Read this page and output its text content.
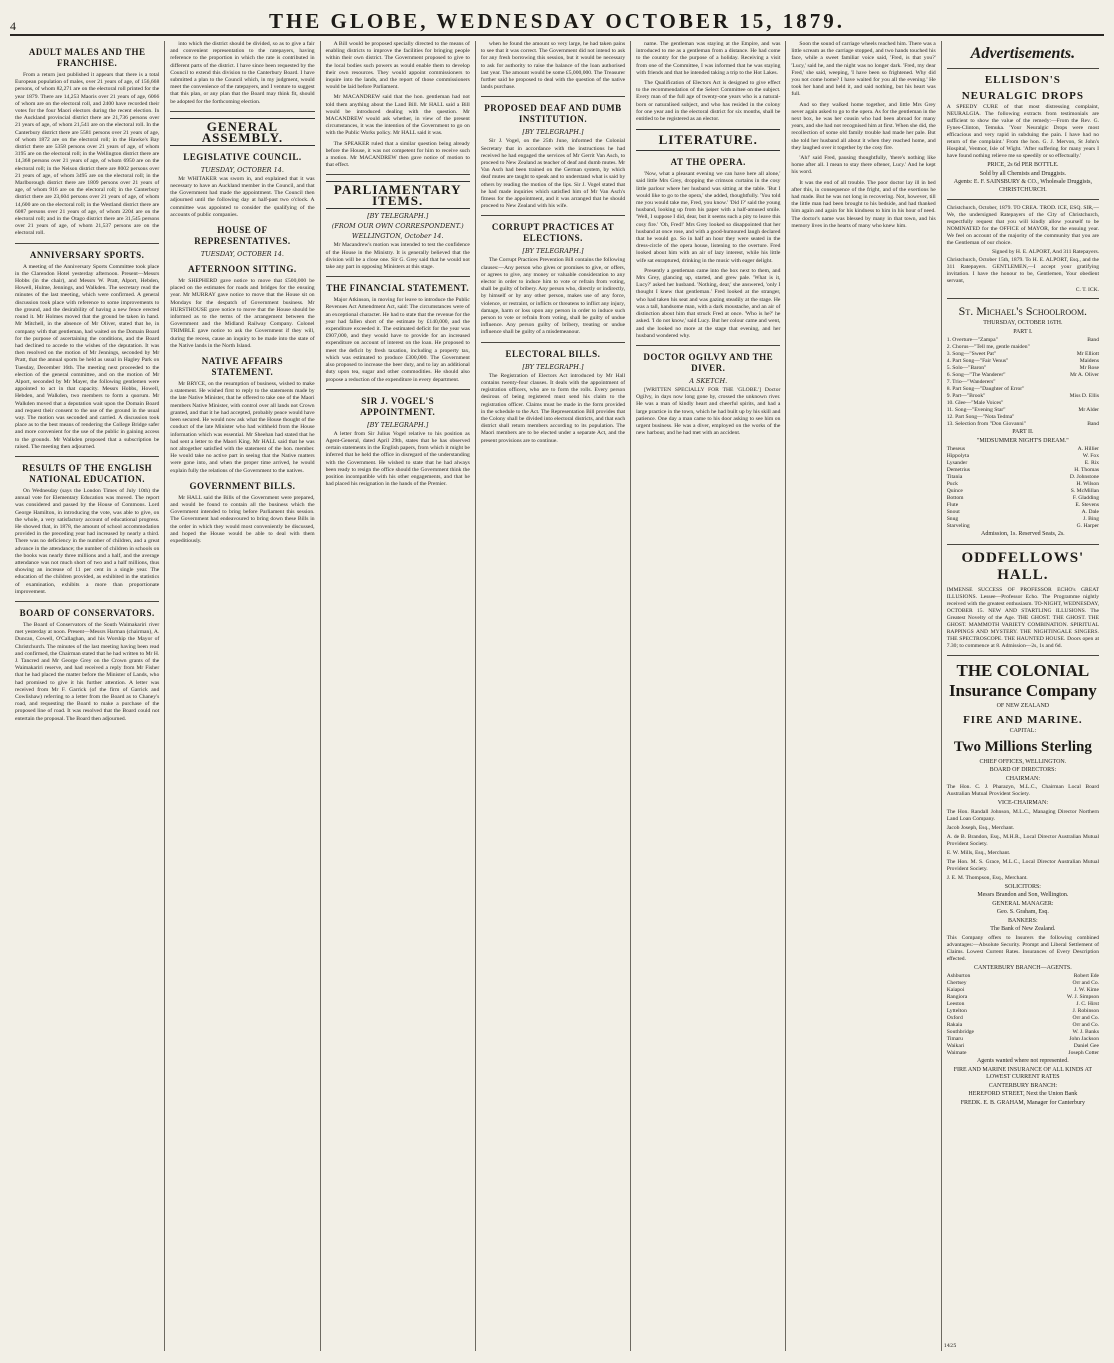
4	THE GLOBE, WEDNESDAY OCTOBER 15, 1879.
ADULT MALES AND THE FRANCHISE.

From a return just published it appears that there is a total European population of males, over 21 years of age, of 156,668 persons, of whom 82,271 are on the electoral roll printed for the year 1879. There are 14,253 Maoris over 21 years of age, 6066 of whom are on the electoral roll, and 2400 have recorded their votes for the four Maori electors during the recent election. In the Auckland provincial district there are 21,736 persons over 21 years of age, of whom 21,541 are on the electoral roll. In the Canterbury district there are 5581 persons over 21 years of age, of whom 1872 are on the electoral roll; in the Hawke's Bay district there are 5358 persons over 21 years of age, of whom 3195 are on the electoral roll; in the Wellington district there are 14,368 persons over 21 years of age, of whom 6950 are on the electoral roll; in the Nelson district there are 8002 persons over 21 years of age, of whom 3495 are on the electoral roll; in the Marlborough district there are 1809 persons over 21 years of age, of whom 916 are on the electoral roll; in the Canterbury district there are 23,604 persons over 21 years of age, of whom 14,600 are on the electoral roll; in the Westland district there are 6087 persons over 21 years of age, of whom 2204 are on the electoral roll; and in the Otago district there are 31,545 persons over 21 years of age, of whom 21,537 persons are on the electoral roll.

ANNIVERSARY SPORTS.

A meeting of the Anniversary Sports Committee took place in the Clarendon Hotel yesterday afternoon. Present—Messrs Hobbs (in the chair), and Messrs W. Pratt, Alport, Hebden, Howell, Hulme, Jennings, and Walkden. The secretary read the minutes of the last meeting, which were confirmed. A general discussion took place with reference to some improvements to the ground, and the desirability of having a new fence erected round it. Mr Holmes moved that the ground be taken in hand. Mr Mitchell, in the absence of Mr Oliver, stated that he, in company with that gentleman, had waited on the Domain Board for the purpose of ascertaining the conditions, and the Board had declined to accede to the wishes of the deputation. It was then resolved on the motion of Mr Jennings, seconded by Mr Pratt, that the annual sports be held as usual in Hagley Park on Tuesday, December 16th. The meeting next proceeded to the election of the general committee, and on the motion of Mr Alport, seconded by Mr Mayer, the following gentlemen were appointed to act in that capacity. Messrs Hobbs, Howell, Hebden, and Walkden, two members to form a quorum. Mr Walkden moved that a deputation wait upon the Domain Board and request their consent to the use of the ground in the usual way. The motion was seconded and carried. A discussion took place as to the best means of rendering the College Bridge safer and more convenient for the use of the public in gaining access to the grounds. Mr Walkden proposed that a subscription be raised. The meeting then adjourned.

RESULTS OF THE ENGLISH NATIONAL EDUCATION.

On Wednesday (says the London Times of July 10th) the annual vote for Elementary Education was moved. The report was considered and passed by the House of Commons. Lord George Hamilton, in introducing the vote, was able to give, on the whole, a very satisfactory account of educational progress. He showed that, in 1878, the amount of school accommodation provided in the preceding year had increased by nearly a third. There was no deficiency in the number of children, and a great advance in the attendance; the number of children in schools on the books was nearly three millions and a half, and the average attendance was not much short of two and a half millions, thus showing an increase of 11 per cent in a single year. The education of the children provided, as exhibited in the statistics of examination, exhibits a more than proportionate improvement.

BOARD OF CONSERVATORS.

The Board of Conservators of the South Waimakariri river met yesterday at noon. Present—Messrs Harman (chairman), A. Duncan, Cowell, O'Callaghan, and his Worship the Mayor of Christchurch. The minutes of the last meeting having been read and confirmed, the Chairman stated that he had written to Mr H. J. Tancred and Mr George Grey on the Crown grants of the Waimakariri reserve, and had received a reply from Mr Fisher that he had placed the matter before the Minister of Lands, who had promised to give it his further attention. A letter was received from Mr F. Garrick (of the firm of Garrick and Cowlishaw) referring to a letter from the Board as to Chaney's road, and requesting the Board to make a purchase of the proposed line of road. It was resolved that the Board could not entertain the proposal. The Board then adjourned.

into which the district should be divided, so as to give a fair and convenient representation to the ratepayers, having reference to the proportion in which the rate is contributed in different parts of the district. I have since been requested by the Council to extend this division to the Canterbury Board. I have submitted a plan to the Council which, in my judgment, would meet the convenience of the ratepayers, and I venture to suggest that this plan, or any plan that the Board may think fit, should be adopted for the forthcoming election.

GENERAL ASSEMBLY.
LEGISLATIVE COUNCIL.
TUESDAY, OCTOBER 14.

Mr WHITAKER was sworn in, and explained that it was necessary to have an Auckland member in the Council, and that the Government had made the appointment. The Council then adjourned until the following day at half-past two o'clock. A committee was appointed to consider the qualifying of the accounts of public companies.

HOUSE OF REPRESENTATIVES.
TUESDAY, OCTOBER 14.
AFTERNOON SITTING.

Mr SHEPHERD gave notice to move that £500,000 be placed on the estimates for roads and bridges for the ensuing year. Mr MURRAY gave notice to move that the House sit on Mondays for the despatch of Government business. Mr HURSTHOUSE gave notice to move that the House should be informed as to the terms of the arrangement between the Government and the Midland Railway Company. Colonel TRIMBLE gave notice to ask the Government if they will, during the recess, cause an inquiry to be made into the state of the Native lands in the North Island.

NATIVE AFFAIRS STATEMENT.

Mr BRYCE, on the resumption of business, wished to make a statement. He wished first to reply to the statements made by the late Native Minister, that he offered to take one of the Maori members Native Minister, with control over all lands not Crown granted, and that it he had accepted, probably peace would have been secured. He would now ask what the House thought of the conduct of the late Minister who had withheld from the House information which was essential. Mr Sheehan had stated that he had sent a letter to the Maori King. Mr HALL said that he was not altogether satisfied with the statement of the hon. member. He would take no active part in seeing that the Native matters were gone into, and when the proper time arrived, he would explain fully the relations of the Government to the natives.

GOVERNMENT BILLS.

Mr HALL said the Bills of the Government were prepared, and would be found to contain all the business which the Government intended to bring before Parliament this session. The Government had endeavoured to bring down these Bills in the order in which they would most conveniently be discussed, and hoped the House would be able to deal with them expeditiously.

A Bill would be proposed specially directed to the means of enabling districts to improve the facilities for bringing people within their own district. The Government proposed to give to the local bodies such powers as would enable them to develop their own resources. They would appoint commissioners to inquire into the lands, and the report of those commissioners would be laid before Parliament.

Mr MACANDREW said that the hon. gentleman had not told them anything about the Land Bill. Mr HALL said a Bill would be introduced dealing with the question. Mr MACANDREW would ask whether, in view of the present circumstances, it was the intention of the Government to go on with the Public Works policy. Mr HALL said it was.

The SPEAKER ruled that a similar question being already before the House, it was not competent for him to receive such a motion. Mr MACANDREW then gave notice of motion to that effect.

PARLIAMENTARY ITEMS.
[BY TELEGRAPH.]
(FROM OUR OWN CORRESPONDENT.)
WELLINGTON, October 14.

Mr Macandrew's motion was intended to test the confidence of the House in the Ministry. It is generally believed that the division will be a close one. Sir G. Grey said that he would not take any part in opposing Ministers at this stage.

THE FINANCIAL STATEMENT.

Major Atkinson, in moving for leave to introduce the Public Revenues Act Amendment Act, said: The circumstances were of an exceptional character. He had to state that the revenue for the year had fallen short of the estimate by £140,000, and the expenditure exceeded it. The estimated deficit for the year was £907,000, and they would have to provide for an increased expenditure on account of interest on the loan. He proposed to meet the deficit by fresh taxation, including a property tax, which was estimated to produce £300,000. The Government also proposed to increase the beer duty, and to lay an additional duty upon tea, sugar and other commodities. He should also propose a reduction of the expenditure in every department.

SIR J. VOGEL'S APPOINTMENT.
[BY TELEGRAPH.]

A letter from Sir Julius Vogel relative to his position as Agent-General, dated April 29th, states that he has observed certain statements in the English papers, from which it might be inferred that he held the office in disregard of the understanding with the Government. He wished to state that he had always been ready to resign the office should the Government think the position incompatible with his other engagements, and that he had placed his resignation in the hands of the Premier.

when he found the amount so very large, he had taken pains to see that it was correct. The Government did not intend to ask for any fresh borrowing this session, but it would be necessary to ask for authority to raise the balance of the loan authorised last year. The amount would be some £5,000,000. The Treasurer further said he proposed to deal with the question of the native lands purchase.

PROPOSED DEAF AND DUMB INSTITUTION.
[BY TELEGRAPH.]

Sir J. Vogel, on the 25th June, informed the Colonial Secretary that in accordance with the instructions he had received he had engaged the services of Mr Gerrit Van Asch, to proceed to New Zealand as teacher of deaf and dumb mutes. Mr Van Asch had been trained on the German system, by which deaf mutes are taught to speak and to understand what is said by others by reading the motion of the lips. Sir J. Vogel stated that he had made inquiries which satisfied him of Mr Van Asch's fitness for the appointment, and it was arranged that he should proceed to New Zealand with his wife.

CORRUPT PRACTICES AT ELECTIONS.
[BY TELEGRAPH.]

The Corrupt Practices Prevention Bill contains the following clauses:—Any person who gives or promises to give, or offers, or agrees to give, any money or valuable consideration to any elector in order to induce him to vote or refrain from voting, shall be guilty of bribery. Any person who, directly or indirectly, by himself or by any other person, makes use of any force, violence, or restraint, or inflicts or threatens to inflict any injury, damage, harm or loss upon any person in order to induce such person to vote or refrain from voting, shall be guilty of undue influence. Any person guilty of bribery, treating or undue influence shall be guilty of a misdemeanour.

ELECTORAL BILLS.
[BY TELEGRAPH.]

The Registration of Electors Act introduced by Mr Hall contains twenty-four clauses. It deals with the appointment of registration officers, who are to form the rolls. Every person desirous of being registered must send his claim to the registration officer. Claims must be made in the form provided in the schedule to the Act. The Representation Bill provides that the Colony shall be divided into electoral districts, and that each district shall return members according to its population. The Maori members are to be elected under a separate Act, and the present provisions are to continue.

name. The gentleman was staying at the Empire, and was introduced to me as a gentleman from a distance. He had come to the country for the purpose of a holiday. Receiving a visit from one of the Committee, I was informed that he was staying with friends and that he intended taking a trip to the Hot Lakes.

The Qualification of Electors Act is designed to give effect to the recommendation of the Select Committee on the subject. Every man of the full age of twenty-one years who is a natural-born or naturalised subject, and who has resided in the colony for one year and in the electoral district for six months, shall be entitled to be registered as an elector.

LITERATURE.
AT THE OPERA.

'Now, what a pleasant evening we can have here all alone,' said little Mrs Grey, dropping the crimson curtains in the cosy little parlour where her husband was sitting at the table. 'But I would like to go to the opera,' she added, thoughtfully. 'You told me you would take me, Fred, you know.' 'Did I?' said the young husband, looking up from his paper with a half-amused smile. 'Well, I suppose I did, dear, but it seems such a pity to leave this cosy fire.' 'Oh, Fred!' Mrs Grey looked so disappointed that her husband at once rose, and with a good-humoured laugh declared that he would go. So in half an hour they were seated in the dress-circle of the opera house, listening to the overture. Fred looked about him with an air of lazy interest, while his little wife sat enraptured, drinking in the music with eager delight.

Presently a gentleman came into the box next to them, and Mrs Grey, glancing up, started, and grew pale. 'What is it, Lucy?' asked her husband. 'Nothing, dear,' she answered, 'only I thought I knew that gentleman.' Fred looked at the stranger, who had taken his seat and was gazing steadily at the stage. He was a tall, handsome man, with a dark moustache, and an air of distinction about him that struck Fred at once. 'Who is he?' he asked. 'I do not know,' said Lucy. But her colour came and went, and she looked no more at the stage that evening, and her husband wondered why.

DOCTOR OGILVY AND THE DIVER.
A SKETCH.

[WRITTEN SPECIALLY FOR THE 'GLOBE.'] Doctor Ogilvy, in days now long gone by, crossed the unknown river. He was a man of kindly heart and cheerful spirits, and had a large practice in the town, which he had built up by his skill and patience. One day a man came to his door asking to see him on urgent business. He was a diver, employed on the works of the new harbour, and he had met with an accident.

Soon the sound of carriage wheels reached him. There was a little scream as the carriage stopped, and two hands touched his face, while a sweet familiar voice said, 'Fred, is that you?' 'Lucy,' said he, and the night was no longer dark. 'Fred, my dear Fred,' she said, weeping, 'I have been so frightened. Why did you not come home? I have waited for you all the evening.' He took her hand and held it, and said nothing, but his heart was full.

And so they walked home together, and little Mrs Grey never again asked to go to the opera. As for the gentleman in the next box, he was her cousin who had been abroad for many years, and she had not recognised him at first. When she did, the recollection of some old family trouble had made her pale. But she told her husband all about it when they reached home, and they laughed over it together by the cosy fire.

'Ah!' said Fred, pausing thoughtfully, 'there's nothing like home after all. I mean to stay there oftener, Lucy.' And he kept his word.

It was the end of all trouble. The poor doctor lay ill in bed after this, in consequence of the fright, and of the exertions he had made. But he was not long in recovering. Not, however, till the little man had been brought to his bedside, and had thanked him again and again for his kindness to him in his hour of need. The doctor's name was blessed by many in that town, and his memory lives in the hearts of many who knew him.

Advertisements.
ELLISDON'S
NEURALGIC DROPS

A SPEEDY CURE of that most distressing complaint, NEURALGIA. The following extracts from testimonials are sufficient to show the value of the remedy:—From the Rev. G. Fynes-Clinton, Temuka. 'Your Neuralgic Drops were most efficacious and very rapid in subduing the pain. I have had no return of the complaint.' From the hon. G. J. Mervon, St John's Hospital, Ventnor, Isle of Wight. 'After suffering for many years I have found nothing relieve me so speedily or so effectually.'

PRICE, 2s 6d PER BOTTLE.
Sold by all Chemists and Druggists.
Agents: E. F. SAINSBURY & CO., Wholesale Druggists, CHRISTCHURCH.

Christchurch, October, 1879. TO CREA. TROD. ICE, ESQ. SIR,—We, the undersigned Ratepayers of the City of Christchurch, respectfully request that you will kindly allow yourself to be NOMINATED for the OFFICE of MAYOR, for the ensuing year. We feel on account of the majority of the community that you are the Gentleman of our choice.

Signed by H. E. ALPORT, And 311 Ratepayers.

Christchurch, October 15th, 1879. To H. E. ALPORT, Esq., and the 311 Ratepayers. GENTLEMEN,—I accept your gratifying invitation. I have the honour to be, Gentlemen, Your obedient servant,

C. T. ICK.
St. Michael's Schoolroom.
THURSDAY, OCTOBER 16TH.
PART I.
1. Overture—"Zampa"	Band
2. Chorus—"Tell me, gentle maiden"
3. Song—"Sweet Pat"	Mr Elliott
4. Part Song—"Fair Venus"	Maidens
5. Solo—"Baron"	Mr Rose
6. Song—"The Wanderer"	Mr A. Oliver
7. Trio—"Wanderers"
8. Part Song—"Daughter of Error"
9. Part—"Brook"	Miss D. Ellis
10. Glee—"Male Voices"
11. Song—"Evening Star"	Mr Alder
12. Part Song—"Nota Tedma"
13. Selection from "Don Giovanni"	Band
PART II.
"MIDSUMMER NIGHT'S DREAM."
Theseus	A. Hillier
Hippolyta	W. Fox
Lysander	E. Rix
Demetrius	H. Thomas
Titania	D. Johnstone
Puck	H. Wilson
Quince	S. McMillan
Bottom	F. Gladding
Flute	E. Stevens
Snout	A. Dale
Snug	J. Bing
Starveling	G. Harper
Admission, 1s. Reserved Seats, 2s.
ODDFELLOWS' HALL.

IMMENSE SUCCESS OF PROFESSOR ECHO's GREAT ILLUSIONS. Lessee—Professor Echo. The Programme nightly received with the greatest enthusiasm. TO-NIGHT, WEDNESDAY, OCTOBER 15. NEW AND STARTLING ILLUSIONS. The Greatest Novelty of the Age. THE GHOST. THE GHOST. THE GHOST. MAMMOTH VARIETY COMBINATION. SPIRITUAL RAPPINGS AND MYSTERY. THE NIGHTINGALE SINGERS. THE SPECTROSCOPE. THE HAUNTED HOUSE. Doors open at 7.30; to commence at 8. Admission—2s, 1s and 6d.

THE COLONIAL Insurance Company
OF NEW ZEALAND
FIRE AND MARINE.
CAPITAL:
Two Millions Sterling
CHIEF OFFICES, WELLINGTON.
BOARD OF DIRECTORS:
CHAIRMAN:

The Hon. C. J. Pharazyn, M.L.C., Chairman Local Board Australian Mutual Provident Society.

VICE-CHAIRMAN:

The Hon. Randall Johnson, M.L.C., Managing Director Northern Land Loan Company.

Jacob Joseph, Esq., Merchant.

A. de B. Brandon, Esq., M.H.R., Local Director Australian Mutual Provident Society.

E. W. Mills, Esq., Merchant.

The Hon. M. S. Grace, M.L.C., Local Director Australian Mutual Provident Society.

J. E. M. Thompson, Esq., Merchant.

SOLICITORS:
Messrs Brandon and Son, Wellington.
GENERAL MANAGER:
Geo. S. Graham, Esq.
BANKERS:
The Bank of New Zealand.

This Company offers to Insurers the following combined advantages:—Absolute Security. Prompt and Liberal Settlement of Claims. Lowest Current Rates. Insurances of Every Description effected.

CANTERBURY BRANCH—AGENTS.
Ashburton	Robert Ede
Chertsey	Orr and Co.
Kaiapoi	J. W. Kime
Rangiora	W. J. Simpson
Leeston	J. C. Hirst
Lyttelton	J. Robinson
Oxford	Orr and Co.
Rakaia	Orr and Co.
Southbridge	W. J. Banks
Timaru	John Jackson
Waikari	Daniel Gee
Waimate	Joseph Cotter
Agents wanted where not represented.
FIRE AND MARINE INSURANCE OF ALL KINDS AT LOWEST CURRENT RATES
CANTERBURY BRANCH:
HEREFORD STREET, Next the Union Bank
FREDK. E. B. GRAHAM, Manager for Canterbury
1425
